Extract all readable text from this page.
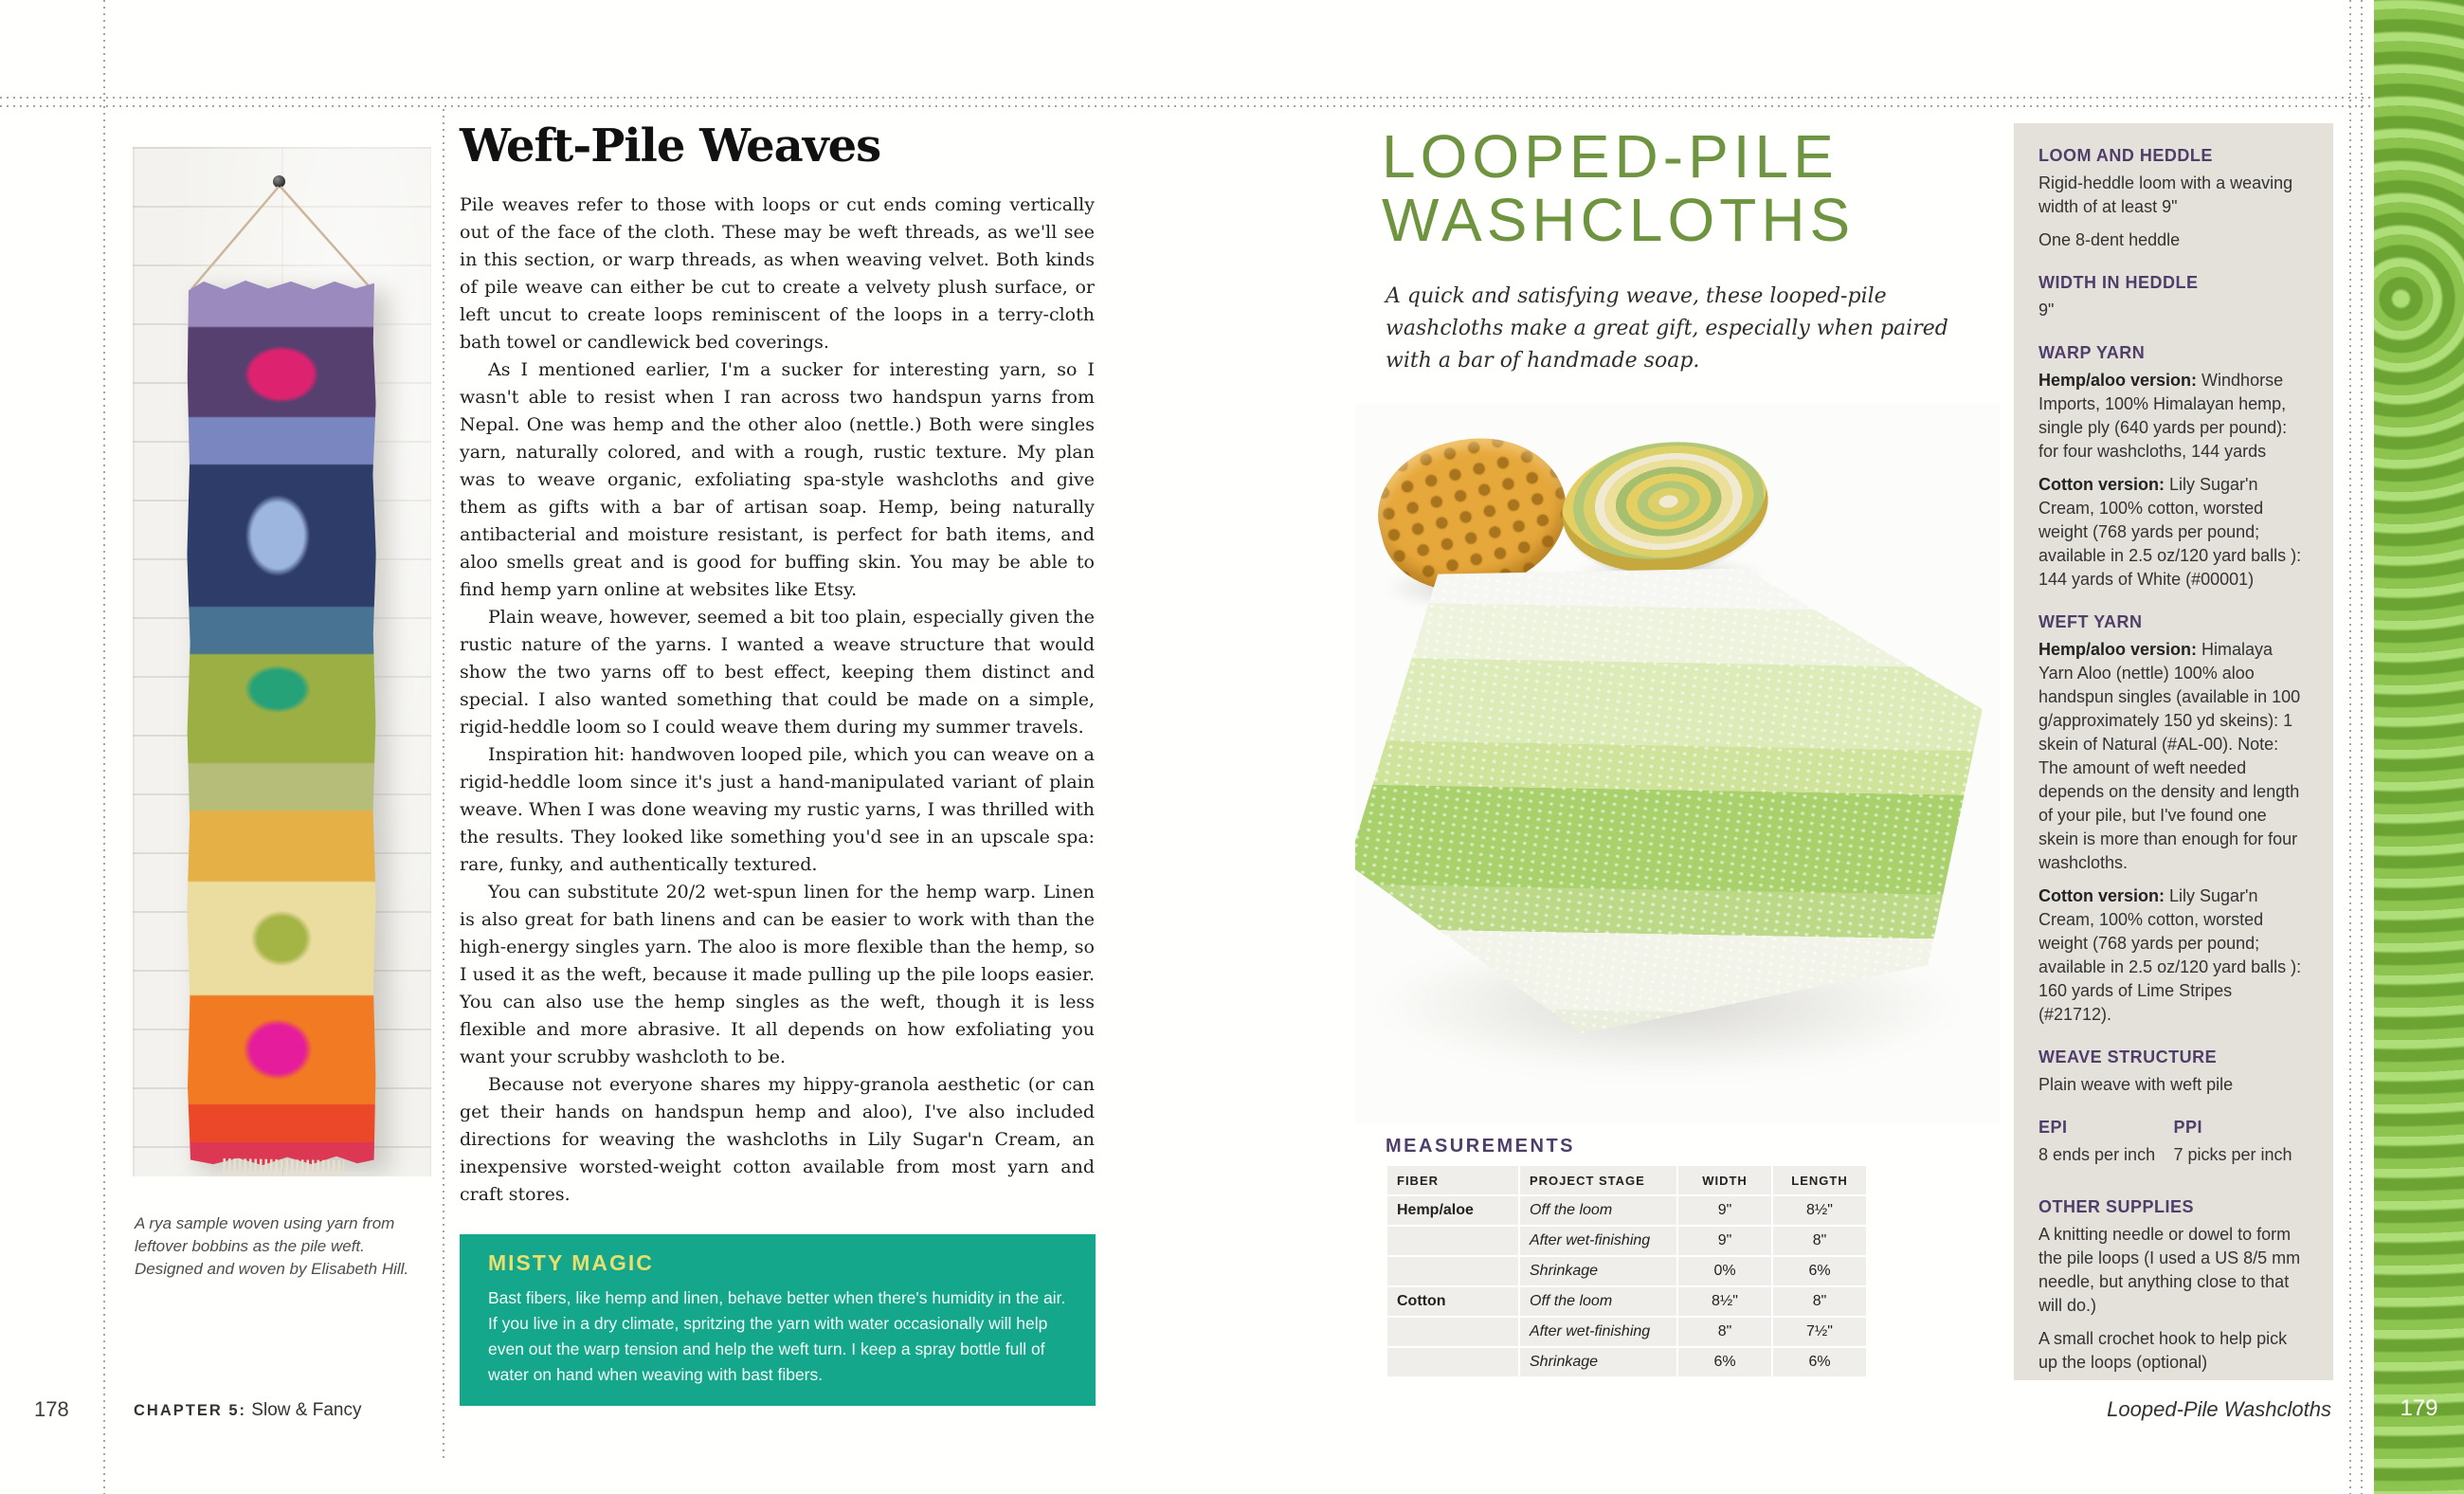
A rya sample woven using yarn from leftover bobbins as the pile weft. Designed and woven by Elisabeth Hill.

Weft-Pile Weaves

Pile weaves refer to those with loops or cut ends coming vertically out of the face of the cloth. These may be weft threads, as we'll see in this section, or warp threads, as when weaving velvet. Both kinds of pile weave can either be cut to create a velvety plush surface, or left uncut to create loops reminiscent of the loops in a terry-cloth bath towel or candlewick bed coverings.

As I mentioned earlier, I'm a sucker for interesting yarn, so I wasn't able to resist when I ran across two handspun yarns from Nepal. One was hemp and the other aloo (nettle.) Both were singles yarn, naturally colored, and with a rough, rustic texture. My plan was to weave organic, exfoliating spa-style washcloths and give them as gifts with a bar of artisan soap. Hemp, being naturally antibacterial and moisture resistant, is perfect for bath items, and aloo smells great and is good for buffing skin. You may be able to find hemp yarn online at websites like Etsy.

Plain weave, however, seemed a bit too plain, especially given the rustic nature of the yarns. I wanted a weave structure that would show the two yarns off to best effect, keeping them distinct and special. I also wanted something that could be made on a simple, rigid-heddle loom so I could weave them during my summer travels.

Inspiration hit: handwoven looped pile, which you can weave on a rigid-heddle loom since it's just a hand-manipulated variant of plain weave. When I was done weaving my rustic yarns, I was thrilled with the results. They looked like something you'd see in an upscale spa: rare, funky, and authentically textured.

You can substitute 20/2 wet-spun linen for the hemp warp. Linen is also great for bath linens and can be easier to work with than the high-energy singles yarn. The aloo is more flexible than the hemp, so I used it as the weft, because it made pulling up the pile loops easier. You can also use the hemp singles as the weft, though it is less flexible and more abrasive. It all depends on how exfoliating you want your scrubby washcloth to be.

Because not everyone shares my hippy-granola aesthetic (or can get their hands on handspun hemp and aloo), I've also included directions for weaving the washcloths in Lily Sugar'n Cream, an inexpensive worsted-weight cotton available from most yarn and craft stores.

MISTY MAGIC

Bast fibers, like hemp and linen, behave better when there's humidity in the air. If you live in a dry climate, spritzing the yarn with water occasionally will help even out the warp tension and help the weft turn. I keep a spray bottle full of water on hand when weaving with bast fibers.

178	CHAPTER 5: Slow & Fancy
LOOPED-PILE
WASHCLOTHS
A quick and satisfying weave, these looped-pile washcloths make a great gift, especially when paired with a bar of handmade soap.
MEASUREMENTS
FIBER	PROJECT STAGE	WIDTH	LENGTH
Hemp/aloe	Off the loom	9"	8½"
	After wet-finishing	9"	8"
	Shrinkage	0%	6%
Cotton	Off the loom	8½"	8"
	After wet-finishing	8"	7½"
	Shrinkage	6%	6%
Looped-Pile Washcloths
LOOM AND HEDDLE

Rigid-heddle loom with a weaving width of at least 9"

One 8-dent heddle

WIDTH IN HEDDLE

9"

WARP YARN

Hemp/aloo version: Windhorse Imports, 100% Himalayan hemp, single ply (640 yards per pound): for four washcloths, 144 yards

Cotton version: Lily Sugar'n Cream, 100% cotton, worsted weight (768 yards per pound; available in 2.5 oz/120 yard balls ): 144 yards of White (#00001)

WEFT YARN

Hemp/aloo version: Himalaya Yarn Aloo (nettle) 100% aloo handspun singles (available in 100 g/approximately 150 yd skeins): 1 skein of Natural (#AL-00). Note: The amount of weft needed depends on the density and length of your pile, but I've found one skein is more than enough for four washcloths.

Cotton version: Lily Sugar'n Cream, 100% cotton, worsted weight (768 yards per pound; available in 2.5 oz/120 yard balls ): 160 yards of Lime Stripes (#21712).

WEAVE STRUCTURE

Plain weave with weft pile

EPI

8 ends per inch

PPI

7 picks per inch

OTHER SUPPLIES

A knitting needle or dowel to form the pile loops (I used a US 8/5 mm needle, but anything close to that will do.)

A small crochet hook to help pick up the loops (optional)

179
